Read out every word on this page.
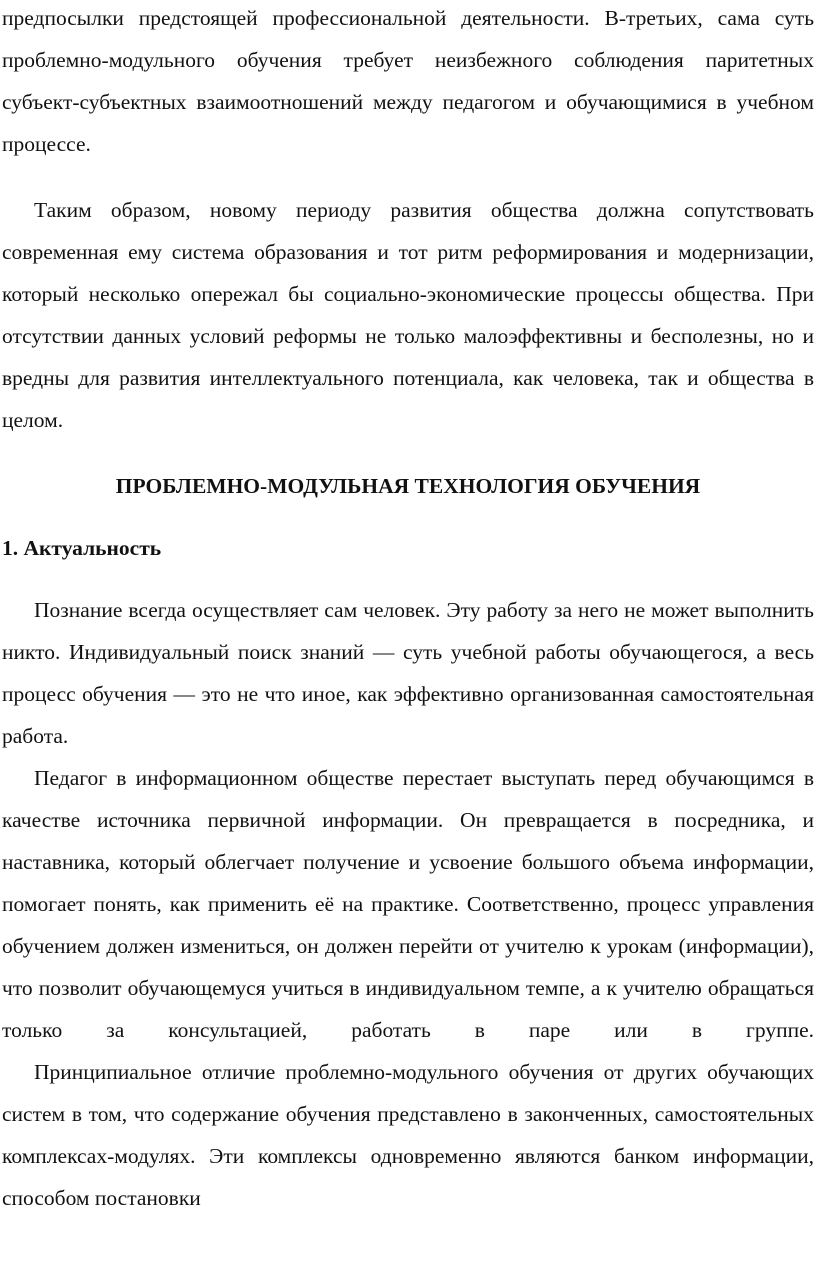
предпосылки предстоящей профессиональной деятельности. В-третьих, сама суть проблемно-модульного обучения требует неизбежного соблюдения паритетных субъект-субъектных взаимоотношений между педагогом и обучающимися в учебном процессе.

Таким образом, новому периоду развития общества должна сопутствовать современная ему система образования и тот ритм реформирования и модернизации, который несколько опережал бы социально-экономические процессы общества. При отсутствии данных условий реформы не только малоэффективны и бесполезны, но и вредны для развития интеллектуального потенциала, как человека, так и общества в целом.

ПРОБЛЕМНО-МОДУЛЬНАЯ ТЕХНОЛОГИЯ ОБУЧЕНИЯ
1. Актуальность

Познание всегда осуществляет сам человек. Эту работу за него не может выполнить никто. Индивидуальный поиск знаний — суть учебной работы обучающегося, а весь процесс обучения — это не что иное, как эффективно организованная самостоятельная работа.

Педагог в информационном обществе перестает выступать перед обучающимся в качестве источника первичной информации. Он превращается в посредника, и наставника, который облегчает получение и усвоение большого объема информации, помогает понять, как применить её на практике. Соответственно, процесс управления обучением должен измениться, он должен перейти от учителю к урокам (информации), что позволит обучающемуся учиться в индивидуальном темпе, а к учителю обращаться только за консультацией, работать в паре или в группе.

Принципиальное отличие проблемно-модульного обучения от других обучающих систем в том, что содержание обучения представлено в законченных, самостоятельных комплексах-модулях. Эти комплексы одновременно являются банком информации, способом постановки
